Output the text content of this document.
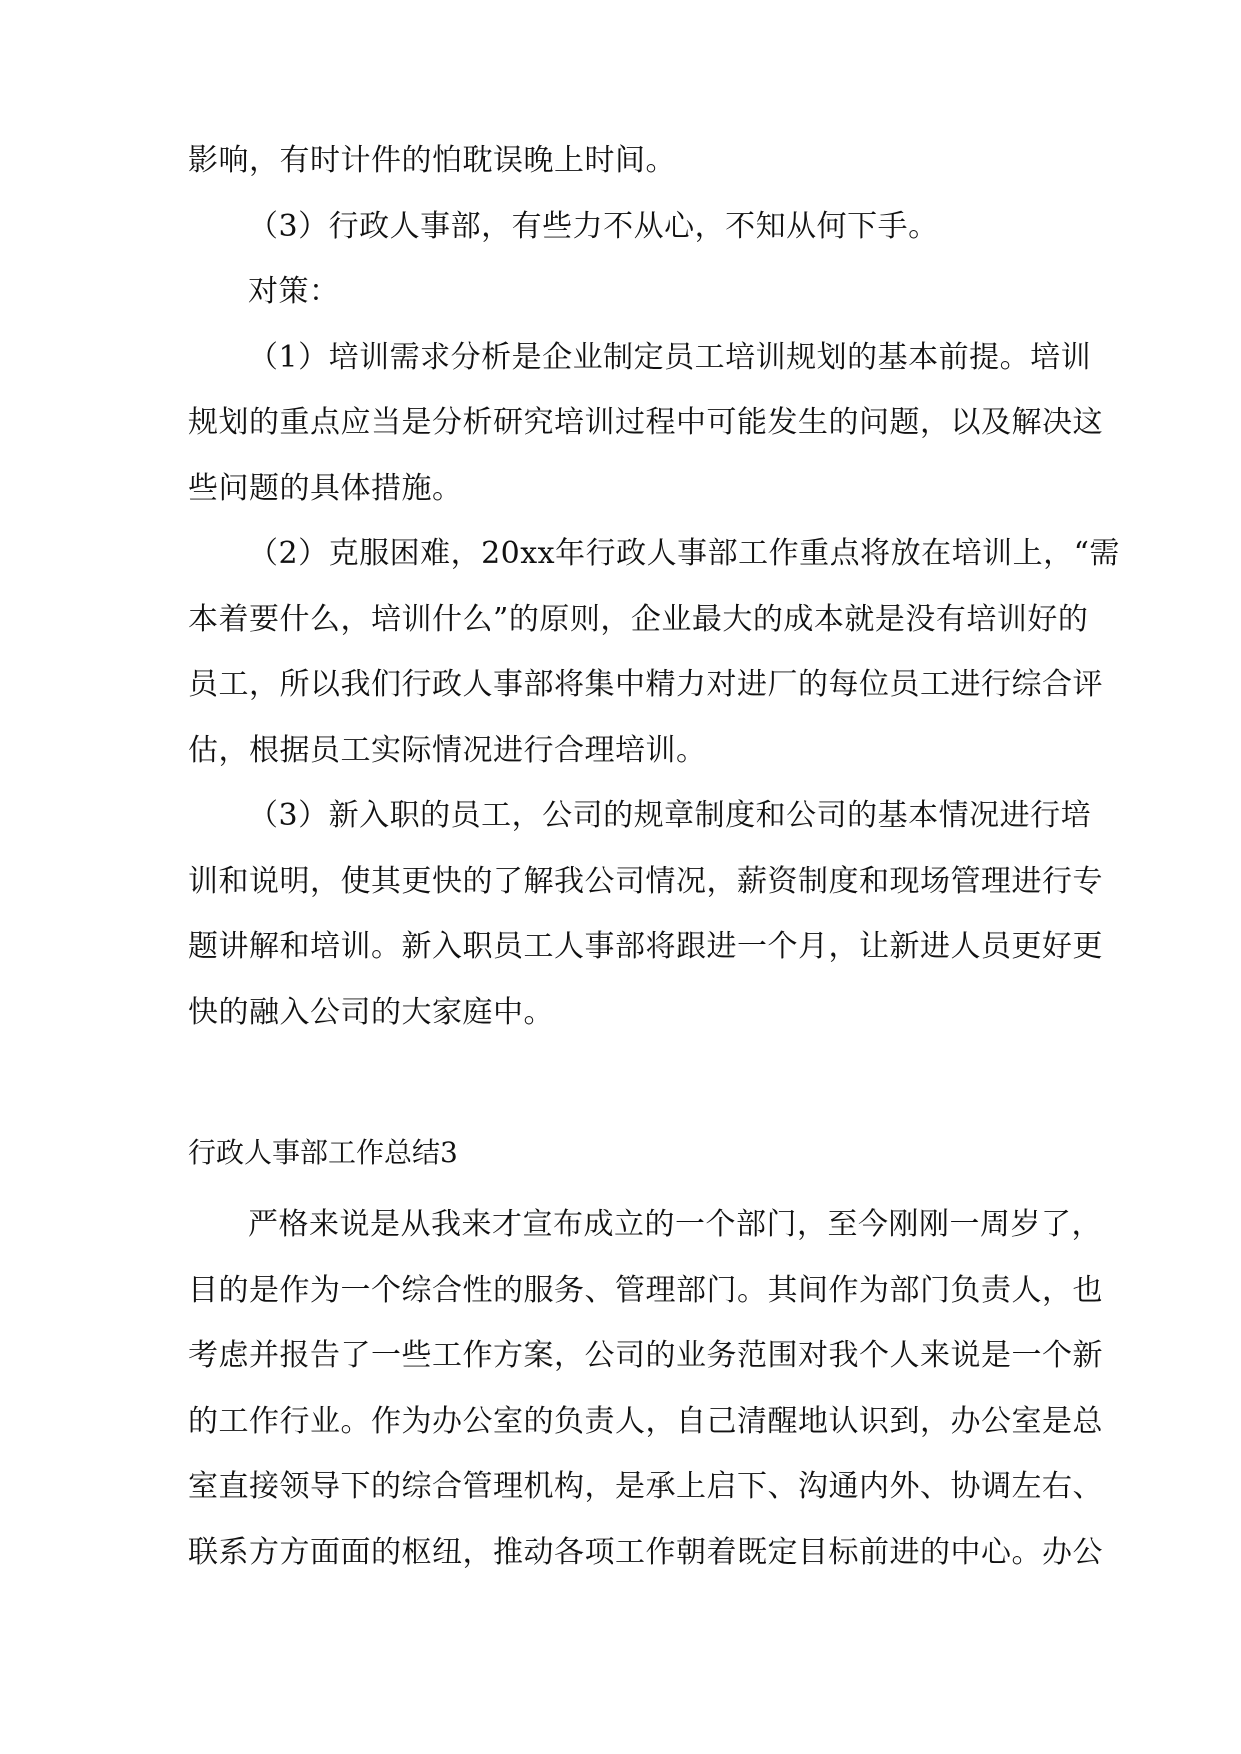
影响，有时计件的怕耽误晚上时间。
（3）行政人事部，有些力不从心，不知从何下手。
对策：
（1）培训需求分析是企业制定员工培训规划的基本前提。培训
规划的重点应当是分析研究培训过程中可能发生的问题，以及解决这
些问题的具体措施。
（2）克服困难，20xx年行政人事部工作重点将放在培训上，“需
本着要什么，培训什么”的原则，企业最大的成本就是没有培训好的
员工，所以我们行政人事部将集中精力对进厂的每位员工进行综合评
估，根据员工实际情况进行合理培训。
（3）新入职的员工，公司的规章制度和公司的基本情况进行培
训和说明，使其更快的了解我公司情况，薪资制度和现场管理进行专
题讲解和培训。新入职员工人事部将跟进一个月，让新进人员更好更
快的融入公司的大家庭中。
行政人事部工作总结3
严格来说是从我来才宣布成立的一个部门，至今刚刚一周岁了，
目的是作为一个综合性的服务、管理部门。其间作为部门负责人，也
考虑并报告了一些工作方案，公司的业务范围对我个人来说是一个新
的工作行业。作为办公室的负责人，自己清醒地认识到，办公室是总
室直接领导下的综合管理机构，是承上启下、沟通内外、协调左右、
联系方方面面的枢纽，推动各项工作朝着既定目标前进的中心。办公
